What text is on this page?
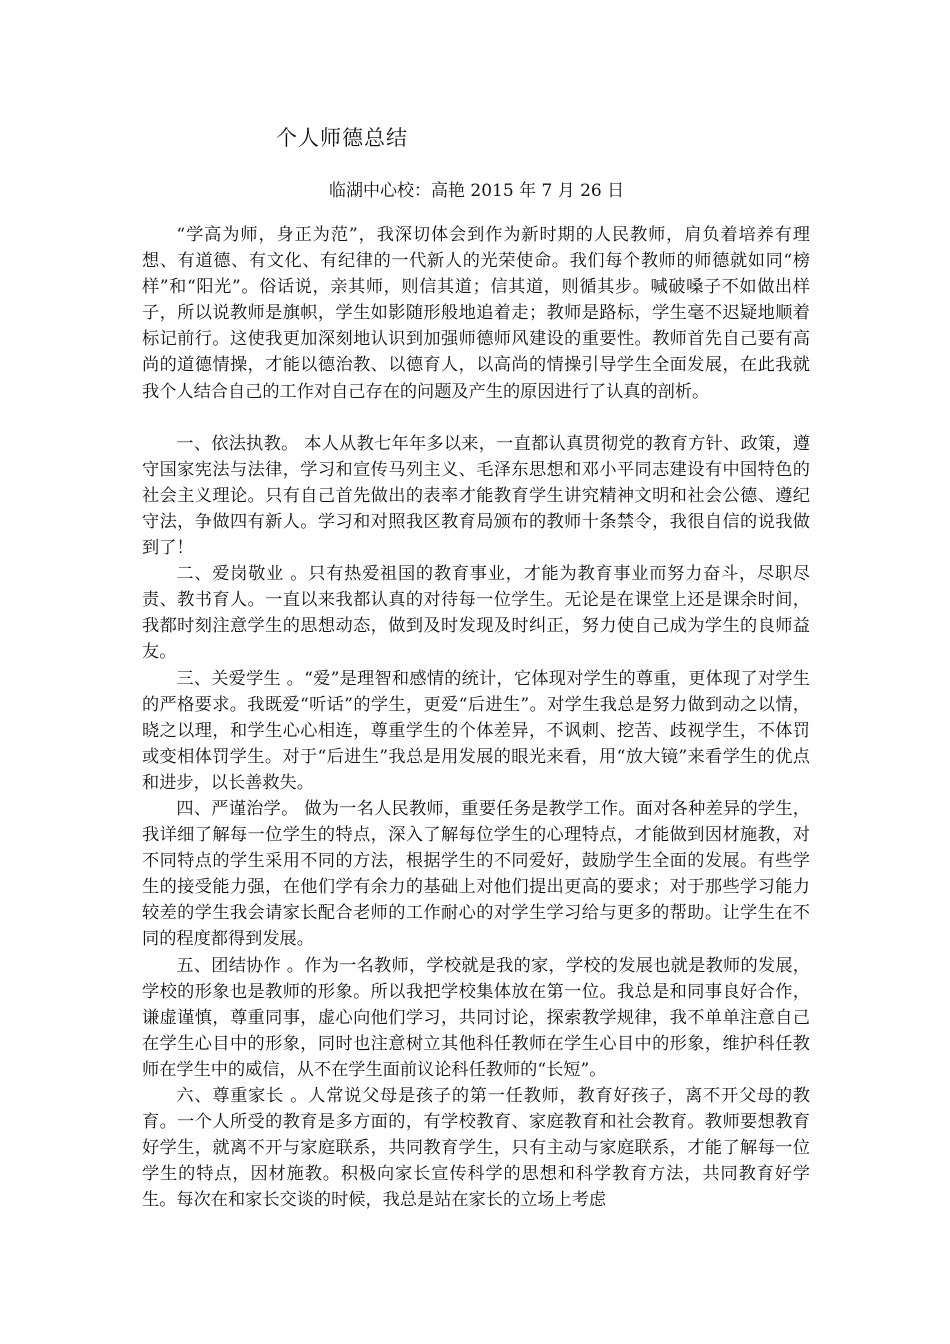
个人师德总结
临湖中心校：高艳 2015 年 7 月 26 日

“学高为师，身正为范”，我深切体会到作为新时期的人民教师，肩负着培养有理想、有道德、有文化、有纪律的一代新人的光荣使命。我们每个教师的师德就如同“榜样”和“阳光”。俗话说，亲其师，则信其道；信其道，则循其步。喊破嗓子不如做出样子，所以说教师是旗帜，学生如影随形般地追着走；教师是路标，学生毫不迟疑地顺着标记前行。这使我更加深刻地认识到加强师德师风建设的重要性。教师首先自己要有高尚的道德情操，才能以德治教、以德育人，以高尚的情操引导学生全面发展，在此我就我个人结合自己的工作对自己存在的问题及产生的原因进行了认真的剖析。

一、依法执教。 本人从教七年年多以来，一直都认真贯彻党的教育方针、政策，遵守国家宪法与法律，学习和宣传马列主义、毛泽东思想和邓小平同志建设有中国特色的社会主义理论。只有自己首先做出的表率才能教育学生讲究精神文明和社会公德、遵纪守法，争做四有新人。学习和对照我区教育局颁布的教师十条禁令，我很自信的说我做到了！

二、爱岗敬业 。只有热爱祖国的教育事业，才能为教育事业而努力奋斗，尽职尽责、教书育人。一直以来我都认真的对待每一位学生。无论是在课堂上还是课余时间，我都时刻注意学生的思想动态，做到及时发现及时纠正，努力使自己成为学生的良师益友。

三、关爱学生 。“爱”是理智和感情的统计，它体现对学生的尊重，更体现了对学生的严格要求。我既爱“听话”的学生，更爱“后进生”。对学生我总是努力做到动之以情，晓之以理，和学生心心相连，尊重学生的个体差异，不讽刺、挖苦、歧视学生，不体罚或变相体罚学生。对于“后进生”我总是用发展的眼光来看，用“放大镜”来看学生的优点和进步，以长善救失。

四、严谨治学。 做为一名人民教师，重要任务是教学工作。面对各种差异的学生，我详细了解每一位学生的特点，深入了解每位学生的心理特点，才能做到因材施教，对不同特点的学生采用不同的方法，根据学生的不同爱好，鼓励学生全面的发展。有些学生的接受能力强，在他们学有余力的基础上对他们提出更高的要求；对于那些学习能力较差的学生我会请家长配合老师的工作耐心的对学生学习给与更多的帮助。让学生在不同的程度都得到发展。

五、团结协作 。作为一名教师，学校就是我的家，学校的发展也就是教师的发展，学校的形象也是教师的形象。所以我把学校集体放在第一位。我总是和同事良好合作，谦虚谨慎，尊重同事，虚心向他们学习，共同讨论，探索教学规律，我不单单注意自己在学生心目中的形象，同时也注意树立其他科任教师在学生心目中的形象，维护科任教师在学生中的威信，从不在学生面前议论科任教师的“长短”。

六、尊重家长 。人常说父母是孩子的第一任教师，教育好孩子，离不开父母的教育。一个人所受的教育是多方面的，有学校教育、家庭教育和社会教育。教师要想教育好学生，就离不开与家庭联系，共同教育学生，只有主动与家庭联系，才能了解每一位学生的特点，因材施教。积极向家长宣传科学的思想和科学教育方法，共同教育好学生。每次在和家长交谈的时候，我总是站在家长的立场上考虑
